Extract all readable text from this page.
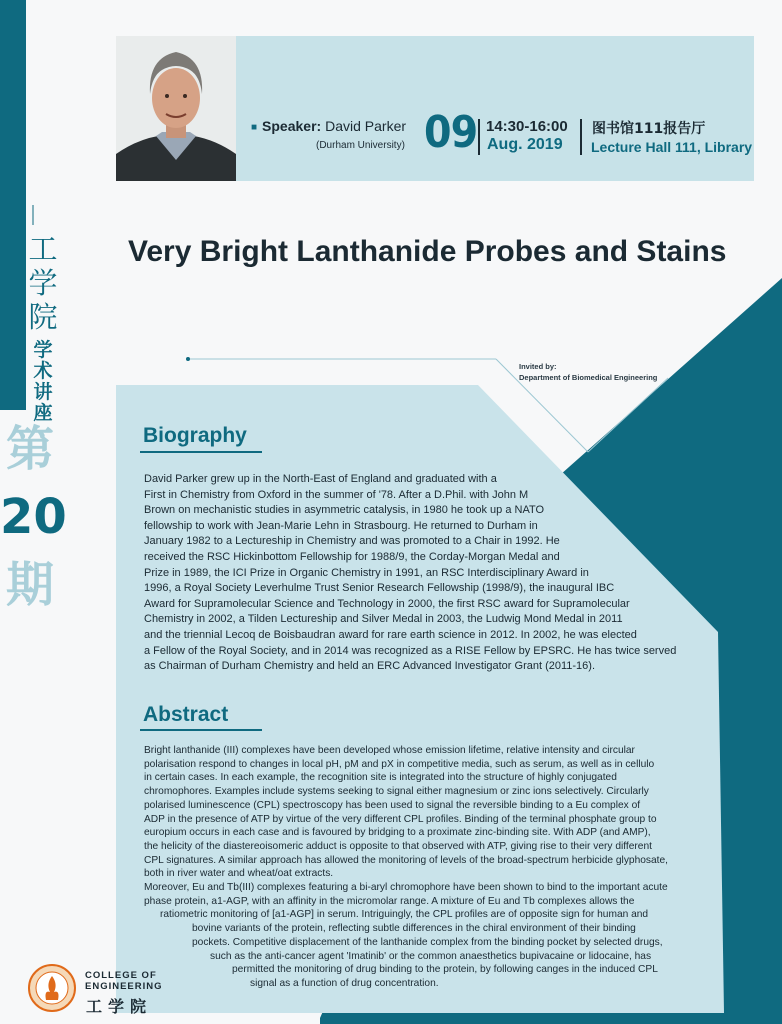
工
学
院
学
术
讲
座
第
20
期
■ Speaker: David Parker
(Durham University) 09 14:30-16:00
Aug. 2019
图书馆111报告厅
Lecture Hall 111, Library
Very Bright Lanthanide Probes and Stains
Invited by:
Department of Biomedical Engineering
Biography
David Parker grew up in the North-East of England and graduated with a
First in Chemistry from Oxford in the summer of '78. After a D.Phil. with John M
Brown on mechanistic studies in asymmetric catalysis, in 1980 he took up a NATO
fellowship to work with Jean-Marie Lehn in Strasbourg. He returned to Durham in
January 1982 to a Lectureship in Chemistry and was promoted to a Chair in 1992. He
received the RSC Hickinbottom Fellowship for 1988/9, the Corday-Morgan Medal and
Prize in 1989, the ICI Prize in Organic Chemistry in 1991, an RSC Interdisciplinary Award in
1996, a Royal Society Leverhulme Trust Senior Research Fellowship (1998/9), the inaugural IBC
Award for Supramolecular Science and Technology in 2000, the first RSC award for Supramolecular
Chemistry in 2002, a Tilden Lectureship and Silver Medal in 2003, the Ludwig Mond Medal in 2011
and the triennial Lecoq de Boisbaudran award for rare earth science in 2012. In 2002, he was elected
a Fellow of the Royal Society, and in 2014 was recognized as a RISE Fellow by EPSRC. He has twice served
as Chairman of Durham Chemistry and held an ERC Advanced Investigator Grant (2011-16).
Abstract

Bright lanthanide (III) complexes have been developed whose emission lifetime, relative intensity and circular

polarisation respond to changes in local pH, pM and pX in competitive media, such as serum, as well as in cellulo

in certain cases. In each example, the recognition site is integrated into the structure of highly conjugated

chromophores. Examples include systems seeking to signal either magnesium or zinc ions selectively. Circularly

polarised luminescence (CPL) spectroscopy has been used to signal the reversible binding to a Eu complex of

ADP in the presence of ATP by virtue of the very different CPL profiles. Binding of the terminal phosphate group to

europium occurs in each case and is favoured by bridging to a proximate zinc-binding site. With ADP (and AMP),

the helicity of the diastereoisomeric adduct is opposite to that observed with ATP, giving rise to their very different

CPL signatures. A similar approach has allowed the monitoring of levels of the broad-spectrum herbicide glyphosate,

both in river water and wheat/oat extracts.

Moreover, Eu and Tb(III) complexes featuring a bi-aryl chromophore have been shown to bind to the important acute

phase protein, a1-AGP, with an affinity in the micromolar range. A mixture of Eu and Tb complexes allows the

ratiometric monitoring of [a1-AGP] in serum. Intriguingly, the CPL profiles are of opposite sign for human and

bovine variants of the protein, reflecting subtle differences in the chiral environment of their binding

pockets. Competitive displacement of the lanthanide complex from the binding pocket by selected drugs,

such as the anti-cancer agent 'Imatinib' or the common anaesthetics bupivacaine or lidocaine, has

permitted the monitoring of drug binding to the protein, by following canges in the induced CPL

signal as a function of drug concentration.

COLLEGE OF
ENGINEERING
工学院
